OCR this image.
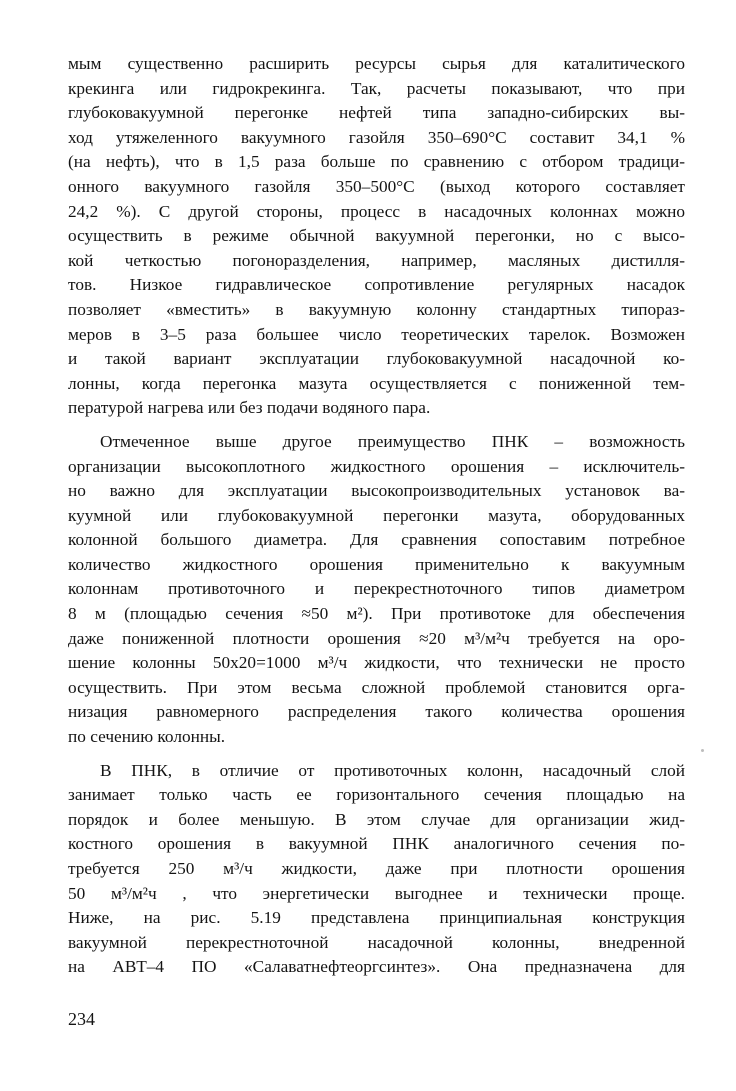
мым существенно расширить ресурсы сырья для каталитического
крекинга или гидрокрекинга. Так, расчеты показывают, что при
глубоковакуумной перегонке нефтей типа западно-сибирских вы-
ход утяжеленного вакуумного газойля 350–690°С составит 34,1 %
(на нефть), что в 1,5 раза больше по сравнению с отбором традици-
онного вакуумного газойля 350–500°С (выход которого составляет
24,2 %). С другой стороны, процесс в насадочных колоннах можно
осуществить в режиме обычной вакуумной перегонки, но с высо-
кой четкостью погоноразделения, например, масляных дистилля-
тов. Низкое гидравлическое сопротивление регулярных насадок
позволяет «вместить» в вакуумную колонну стандартных типораз-
меров в 3–5 раза большее число теоретических тарелок. Возможен
и такой вариант эксплуатации глубоковакуумной насадочной ко-
лонны, когда перегонка мазута осуществляется с пониженной тем-
пературой нагрева или без подачи водяного пара.
Отмеченное выше другое преимущество ПНК – возможность
организации высокоплотного жидкостного орошения – исключитель-
но важно для эксплуатации высокопроизводительных установок ва-
куумной или глубоковакуумной перегонки мазута, оборудованных
колонной большого диаметра. Для сравнения сопоставим потребное
количество жидкостного орошения применительно к вакуумным
колоннам противоточного и перекрестноточного типов диаметром
8 м (площадью сечения ≈50 м²). При противотоке для обеспечения
даже пониженной плотности орошения ≈20 м³/м²ч требуется на оро-
шение колонны 50x20=1000 м³/ч жидкости, что технически не просто
осуществить. При этом весьма сложной проблемой становится орга-
низация равномерного распределения такого количества орошения
по сечению колонны.
В ПНК, в отличие от противоточных колонн, насадочный слой
занимает только часть ее горизонтального сечения площадью на
порядок и более меньшую. В этом случае для организации жид-
костного орошения в вакуумной ПНК аналогичного сечения по-
требуется 250 м³/ч жидкости, даже при плотности орошения
50 м³/м²ч , что энергетически выгоднее и технически проще.
Ниже, на рис. 5.19 представлена принципиальная конструкция
вакуумной перекрестноточной насадочной колонны, внедренной
на АВТ–4 ПО «Салаватнефтеоргсинтез». Она предназначена для
234
